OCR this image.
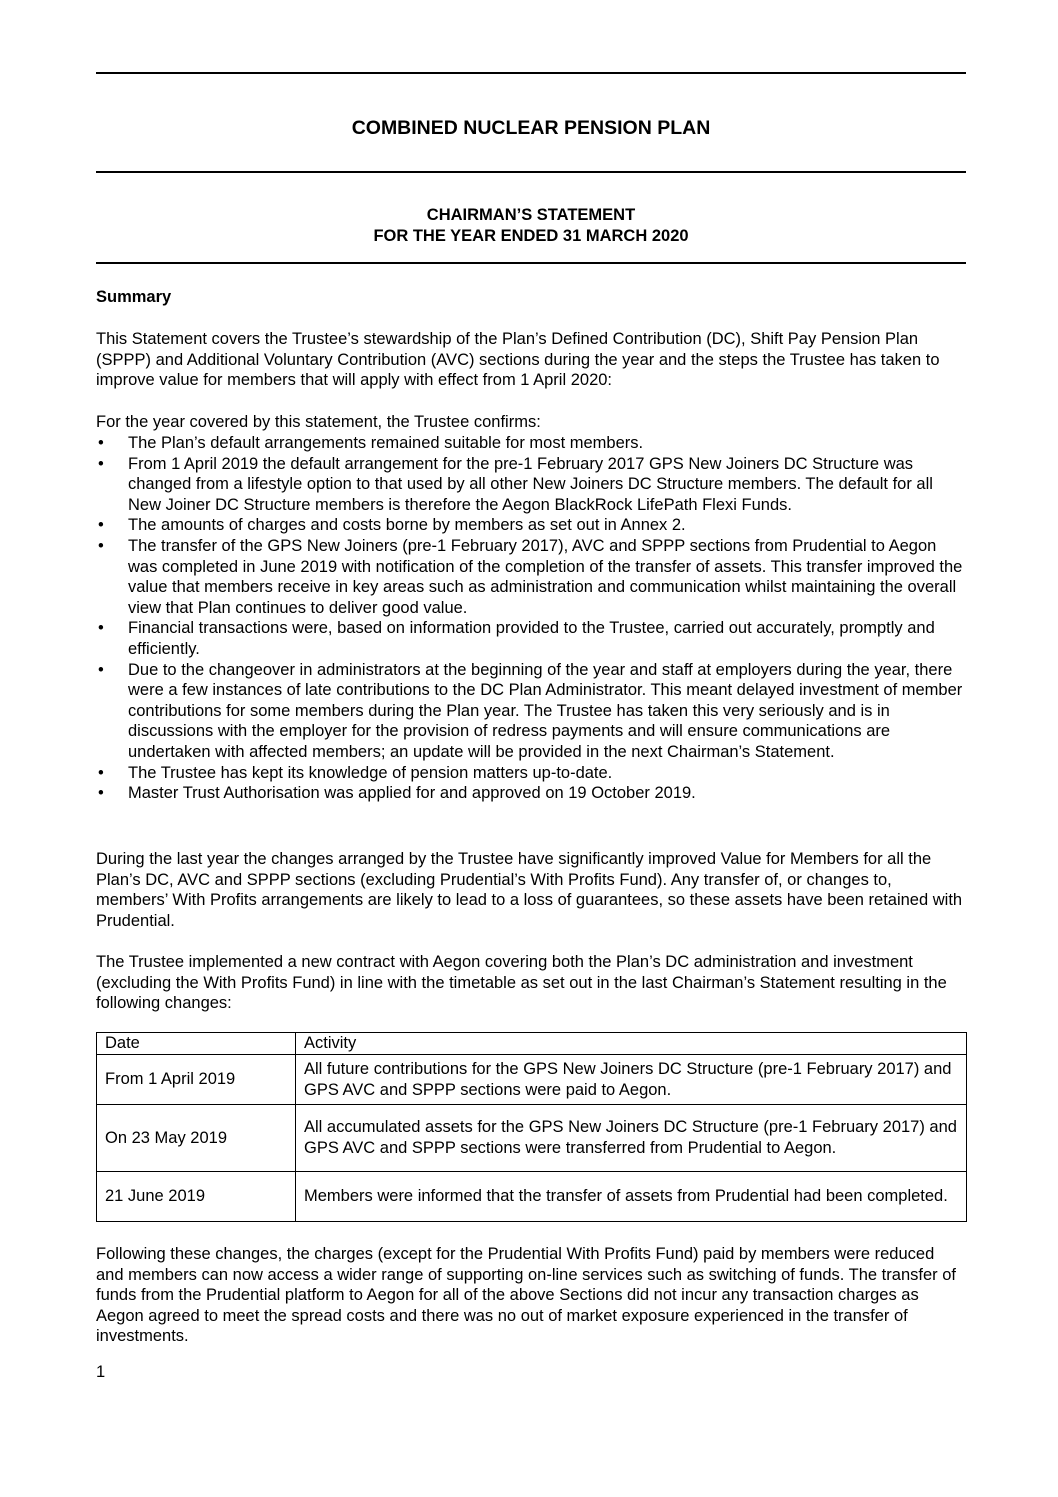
COMBINED NUCLEAR PENSION PLAN
CHAIRMAN’S STATEMENT
FOR THE YEAR ENDED 31 MARCH 2020
Summary
This Statement covers the Trustee’s stewardship of the Plan’s Defined Contribution (DC), Shift Pay Pension Plan (SPPP) and Additional Voluntary Contribution (AVC) sections during the year and the steps the Trustee has taken to improve value for members that will apply with effect from 1 April 2020:
For the year covered by this statement, the Trustee confirms:
• The Plan’s default arrangements remained suitable for most members.
• From 1 April 2019 the default arrangement for the pre-1 February 2017 GPS New Joiners DC Structure was changed from a lifestyle option to that used by all other New Joiners DC Structure members. The default for all New Joiner DC Structure members is therefore the Aegon BlackRock LifePath Flexi Funds.
• The amounts of charges and costs borne by members as set out in Annex 2.
• The transfer of the GPS New Joiners (pre-1 February 2017), AVC and SPPP sections from Prudential to Aegon was completed in June 2019 with notification of the completion of the transfer of assets. This transfer improved the value that members receive in key areas such as administration and communication whilst maintaining the overall view that Plan continues to deliver good value.
• Financial transactions were, based on information provided to the Trustee, carried out accurately, promptly and efficiently.
• Due to the changeover in administrators at the beginning of the year and staff at employers during the year, there were a few instances of late contributions to the DC Plan Administrator. This meant delayed investment of member contributions for some members during the Plan year. The Trustee has taken this very seriously and is in discussions with the employer for the provision of redress payments and will ensure communications are undertaken with affected members; an update will be provided in the next Chairman’s Statement.
• The Trustee has kept its knowledge of pension matters up-to-date.
• Master Trust Authorisation was applied for and approved on 19 October 2019.
During the last year the changes arranged by the Trustee have significantly improved Value for Members for all the Plan’s DC, AVC and SPPP sections (excluding Prudential’s With Profits Fund). Any transfer of, or changes to, members’ With Profits arrangements are likely to lead to a loss of guarantees, so these assets have been retained with Prudential.
The Trustee implemented a new contract with Aegon covering both the Plan’s DC administration and investment (excluding the With Profits Fund) in line with the timetable as set out in the last Chairman’s Statement resulting in the following changes:
Date	Activity
From 1 April 2019	All future contributions for the GPS New Joiners DC Structure (pre-1 February 2017) and GPS AVC and SPPP sections were paid to Aegon.
On 23 May 2019	All accumulated assets for the GPS New Joiners DC Structure (pre-1 February 2017) and GPS AVC and SPPP sections were transferred from Prudential to Aegon.
21 June 2019	Members were informed that the transfer of assets from Prudential had been completed.
Following these changes, the charges (except for the Prudential With Profits Fund) paid by members were reduced and members can now access a wider range of supporting on-line services such as switching of funds. The transfer of funds from the Prudential platform to Aegon for all of the above Sections did not incur any transaction charges as Aegon agreed to meet the spread costs and there was no out of market exposure experienced in the transfer of investments.
1
